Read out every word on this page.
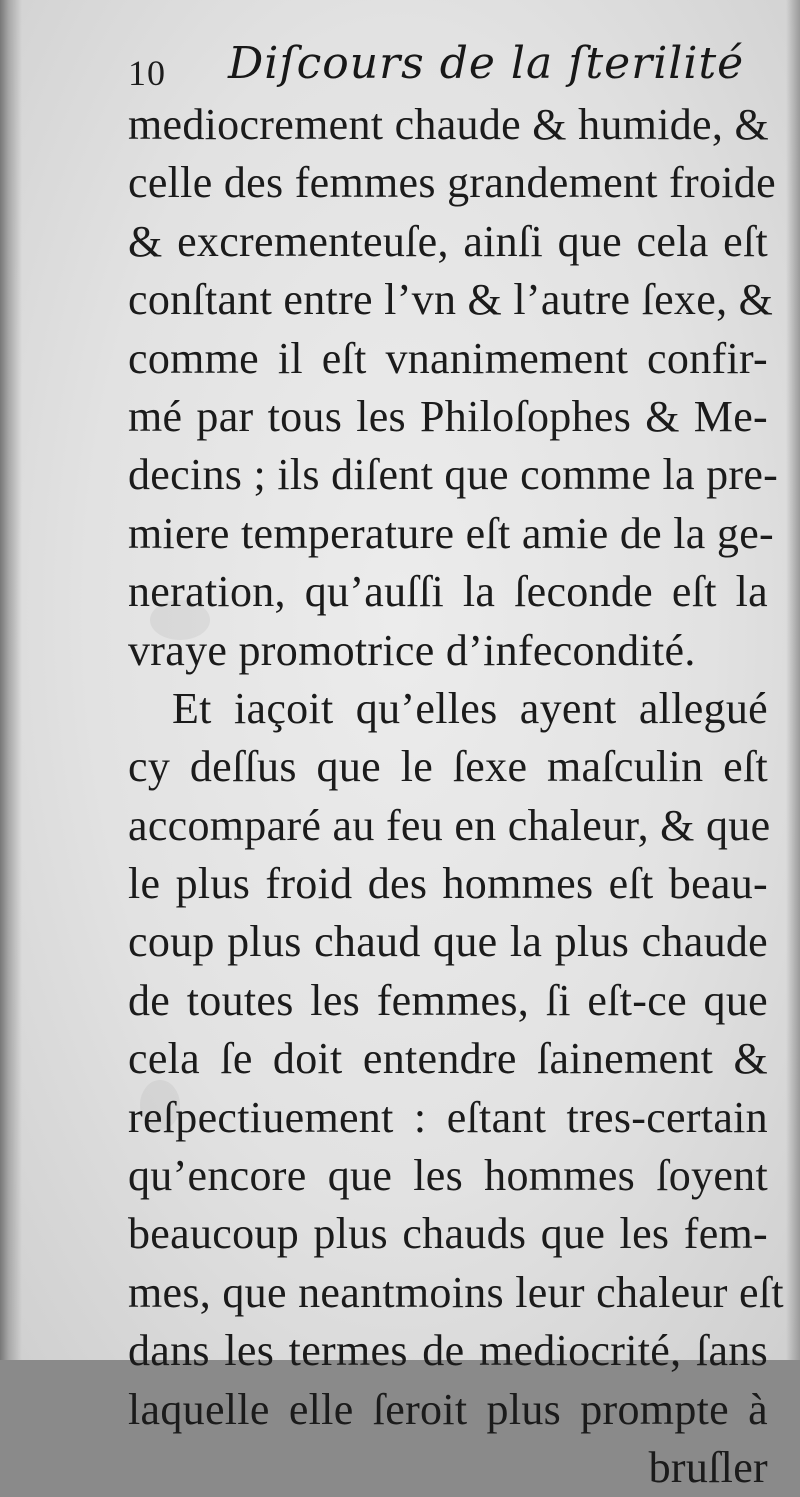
10 Diſcours de la ſterilité
mediocrement chaude & humide, &
celle des femmes grandement froide
& excrementeuſe, ainſi que cela eſt
conſtant entre l’vn & l’autre ſexe, &
comme il eſt vnanimement confir-
mé par tous les Philoſophes & Me-
decins ; ils diſent que comme la pre-
miere temperature eſt amie de la ge-
neration, qu’auſſi la ſeconde eſt la
vraye promotrice d’infecondité.
Et iaçoit qu’elles ayent allegué
cy deſſus que le ſexe maſculin eſt
accomparé au feu en chaleur, & que
le plus froid des hommes eſt beau-
coup plus chaud que la plus chaude
de toutes les femmes, ſi eſt-ce que
cela ſe doit entendre ſainement &
reſpectiuement : eſtant tres-certain
qu’encore que les hommes ſoyent
beaucoup plus chauds que les fem-
mes, que neantmoins leur chaleur eſt
dans les termes de mediocrité, ſans
laquelle elle ſeroit plus prompte à
bruſler
